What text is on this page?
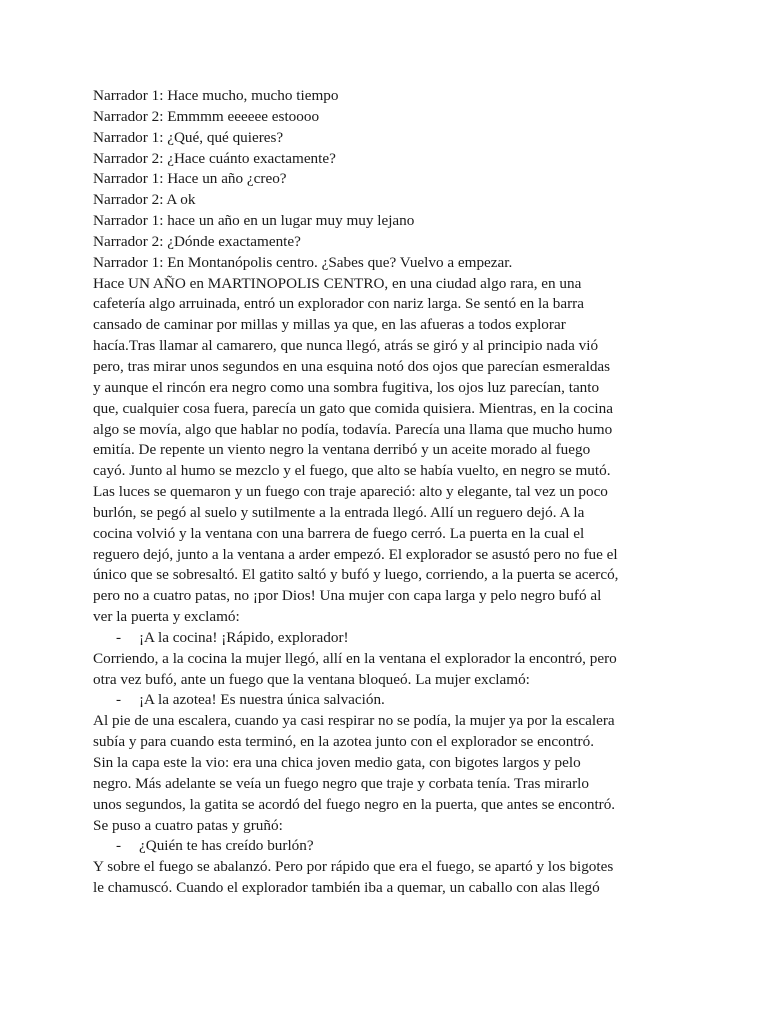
Narrador 1: Hace mucho, mucho tiempo
Narrador 2: Emmmm eeeeee estoooo
Narrador 1: ¿Qué, qué quieres?
Narrador 2: ¿Hace cuánto exactamente?
Narrador 1: Hace un año ¿creo?
Narrador 2: A ok
Narrador 1: hace un año en un lugar muy muy lejano
Narrador 2: ¿Dónde exactamente?
Narrador 1: En Montanópolis centro. ¿Sabes que? Vuelvo a empezar.
Hace UN AÑO en MARTINOPOLIS CENTRO, en una ciudad algo rara, en una
cafetería algo arruinada, entró un explorador con nariz larga. Se sentó en la barra
cansado de caminar por millas y millas ya que, en las afueras a todos explorar
hacía.Tras llamar al camarero, que nunca llegó, atrás se giró y al principio nada vió
pero, tras mirar unos segundos en una esquina notó dos ojos que parecían esmeraldas
y aunque el rincón era negro como una sombra fugitiva, los ojos luz parecían, tanto
que, cualquier cosa fuera, parecía un gato que comida quisiera. Mientras, en la cocina
algo se movía, algo que hablar no podía, todavía. Parecía una llama que mucho humo
emitía. De repente un viento negro la ventana derribó y un aceite morado al fuego
cayó. Junto al humo se mezclo y el fuego, que alto se había vuelto, en negro se mutó.
Las luces se quemaron y un fuego con traje apareció: alto y elegante, tal vez un poco
burlón, se pegó al suelo y sutilmente a la entrada llegó. Allí un reguero dejó. A la
cocina volvió y la ventana con una barrera de fuego cerró. La puerta en la cual el
reguero dejó, junto a la ventana a arder empezó. El explorador se asustó pero no fue el
único que se sobresaltó. El gatito saltó y bufó y luego, corriendo, a la puerta se acercó,
pero no a cuatro patas, no ¡por Dios! Una mujer con capa larga y pelo negro bufó al
ver la puerta y exclamó:
- ¡A la cocina! ¡Rápido, explorador!
Corriendo, a la cocina la mujer llegó, allí en la ventana el explorador la encontró, pero
otra vez bufó, ante un fuego que la ventana bloqueó. La mujer exclamó:
- ¡A la azotea! Es nuestra única salvación.
Al pie de una escalera, cuando ya casi respirar no se podía, la mujer ya por la escalera
subía y para cuando esta terminó, en la azotea junto con el explorador se encontró.
Sin la capa este la vio: era una chica joven medio gata, con bigotes largos y pelo
negro. Más adelante se veía un fuego negro que traje y corbata tenía. Tras mirarlo
unos segundos, la gatita se acordó del fuego negro en la puerta, que antes se encontró.
Se puso a cuatro patas y gruñó:
- ¿Quién te has creído burlón?
Y sobre el fuego se abalanzó. Pero por rápido que era el fuego, se apartó y los bigotes
le chamuscó. Cuando el explorador también iba a quemar, un caballo con alas llegó
